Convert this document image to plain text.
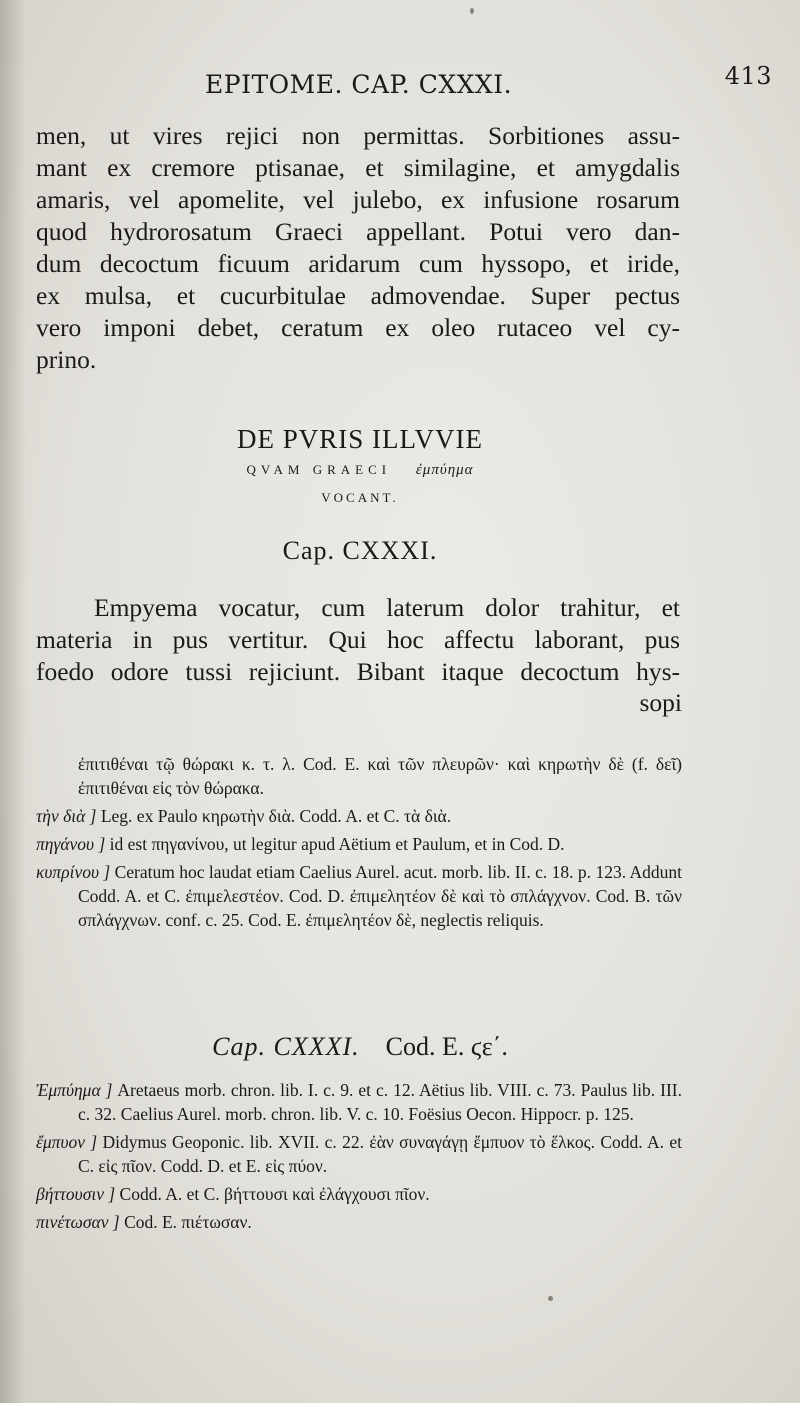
EPITOME. CAP. CXXXI.	413
men, ut vires rejici non permittas. Sorbitiones assu-
mant ex cremore ptisanae, et similagine, et amygdalis
amaris, vel apomelite, vel julebo, ex infusione rosarum
quod hydrorosatum Graeci appellant. Potui vero dan-
dum decoctum ficuum aridarum cum hyssopo, et iride,
ex mulsa, et cucurbitulae admovendae. Super pectus
vero imponi debet, ceratum ex oleo rutaceo vel cy-
prino.
DE PVRIS ILLVVIE
QVAM GRAECI ἐμπύημα
VOCANT.
Cap. CXXXI.
Empyema vocatur, cum laterum dolor trahitur, et
materia in pus vertitur. Qui hoc affectu laborant, pus
foedo odore tussi rejiciunt. Bibant itaque decoctum hys-
sopi
ἐπιτιθέναι τῷ θώρακι κ. τ. λ. Cod. E. καὶ τῶν πλευρῶν· καὶ κηρωτὴν δὲ (f. δεῖ) ἐπιτιθέναι εἰς τὸν θώρακα.
τὴν διὰ ] Leg. ex Paulo κηρωτὴν διὰ. Codd. A. et C. τὰ διὰ.
πηγάνου ] id est πηγανίνου, ut legitur apud Aëtium et Paulum, et in Cod. D.
κυπρίνου ] Ceratum hoc laudat etiam Caelius Aurel. acut. morb. lib. II. c. 18. p. 123. Addunt Codd. A. et C. ἐπιμελεστέον. Cod. D. ἐπιμελητέον δὲ καὶ τὸ σπλάγχνον. Cod. B. τῶν σπλάγχνων. conf. c. 25. Cod. E. ἐπιμελητέον δὲ, neglectis reliquis.
Cap. CXXXI. Cod. E. ϛε΄.
Ἐμπύημα ] Aretaeus morb. chron. lib. I. c. 9. et c. 12. Aëtius lib. VIII. c. 73. Paulus lib. III. c. 32. Caelius Aurel. morb. chron. lib. V. c. 10. Foësius Oecon. Hippocr. p. 125.
ἔμπυον ] Didymus Geoponic. lib. XVII. c. 22. ἐὰν συναγάγῃ ἔμπυον τὸ ἕλκος. Codd. A. et C. εἰς πῖον. Codd. D. et E. εἰς πύον.
βήττουσιν ] Codd. A. et C. βήττουσι καὶ ἐλάγχουσι πῖον.
πινέτωσαν ] Cod. E. πιέτωσαν.
